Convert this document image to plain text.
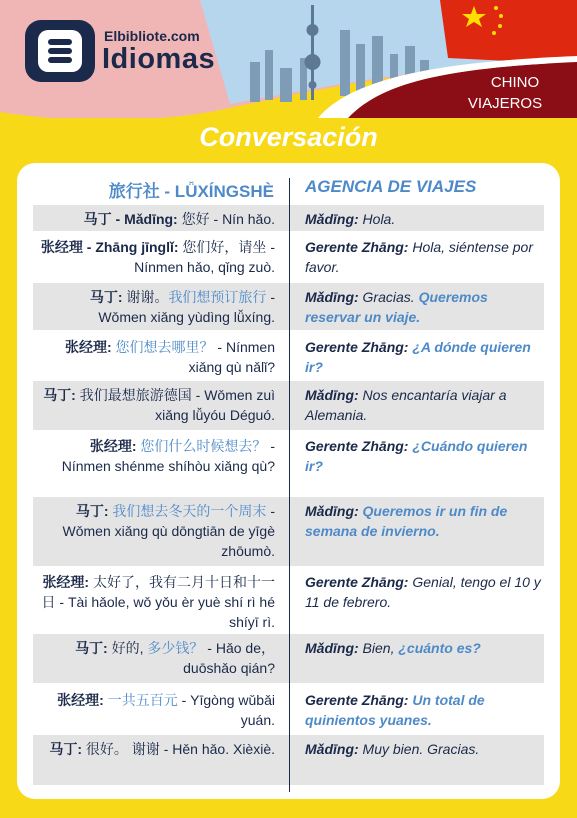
Elbibliote.com
Idiomas
CHINO
VIAJEROS
Conversación
旅行社 - LǙXÍNGSHÈ AGENCIA DE VIAJES
马丁 - Mǎdīng: 您好 - Nín hǎo. Mǎdīng: Hola.
张经理 - Zhāng jīnglǐ: 您们好，请坐 - Nínmen hǎo, qǐng zuò.
Gerente Zhāng: Hola, siéntense por favor.
马丁: 谢谢。我们想预订旅行 - Wǒmen xiǎng yùdìng lǚxíng.
Mǎdīng: Gracias. Queremos reservar un viaje.
张经理: 您们想去哪里？ - Nínmen xiǎng qù nǎlǐ?
Gerente Zhāng: ¿A dónde quieren ir?
马丁: 我们最想旅游德国 - Wǒmen zuì xiǎng lǚyóu Déguó.
Mǎdīng: Nos encantaría viajar a Alemania.
张经理: 您们什么时候想去？ - Nínmen shénme shíhòu xiǎng qù?
Gerente Zhāng: ¿Cuándo quieren ir?
马丁: 我们想去冬天的一个周末 - Wǒmen xiǎng qù dōngtiān de yīgè zhōumò.
Mǎdīng: Queremos ir un fin de semana de invierno.
张经理: 太好了，我有二月十日和十一日 - Tài hǎole, wǒ yǒu èr yuè shí rì hé shíyī rì.
Gerente Zhāng: Genial, tengo el 10 y 11 de febrero.
马丁: 好的, 多少钱？ - Hǎo de，duōshǎo qián?
Mǎdīng: Bien, ¿cuánto es?
张经理: 一共五百元 - Yīgòng wǔbǎi yuán.
Gerente Zhāng: Un total de quinientos yuanes.
马丁: 很好。 谢谢 - Hěn hǎo. Xièxiè. Mǎdīng: Muy bien. Gracias.
